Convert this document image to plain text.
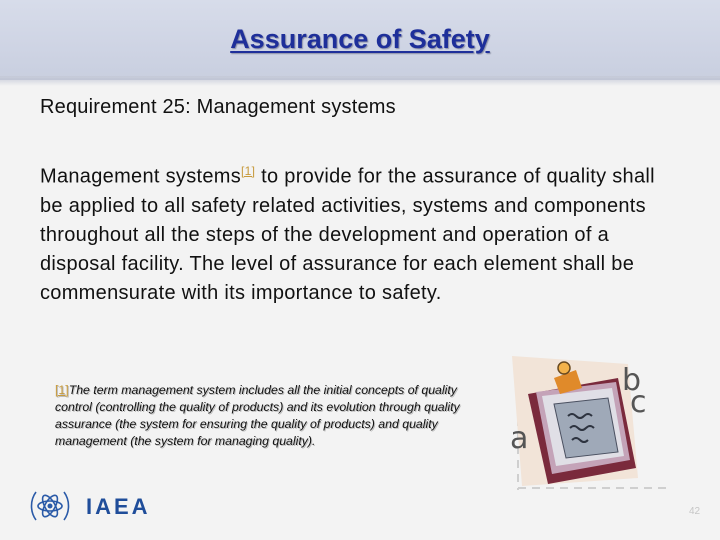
Assurance of Safety
Requirement 25: Management systems
Management systems[1] to provide for the assurance of quality shall be applied to all safety related activities, systems and components throughout all the steps of the development and operation of a disposal facility. The level of assurance for each element shall be commensurate with its importance to safety.
[1]The term management system includes all the initial concepts of quality control (controlling the quality of products) and its evolution through quality assurance (the system for ensuring the quality of products) and quality management (the system for managing quality).	a
b
c
IAEA	42
